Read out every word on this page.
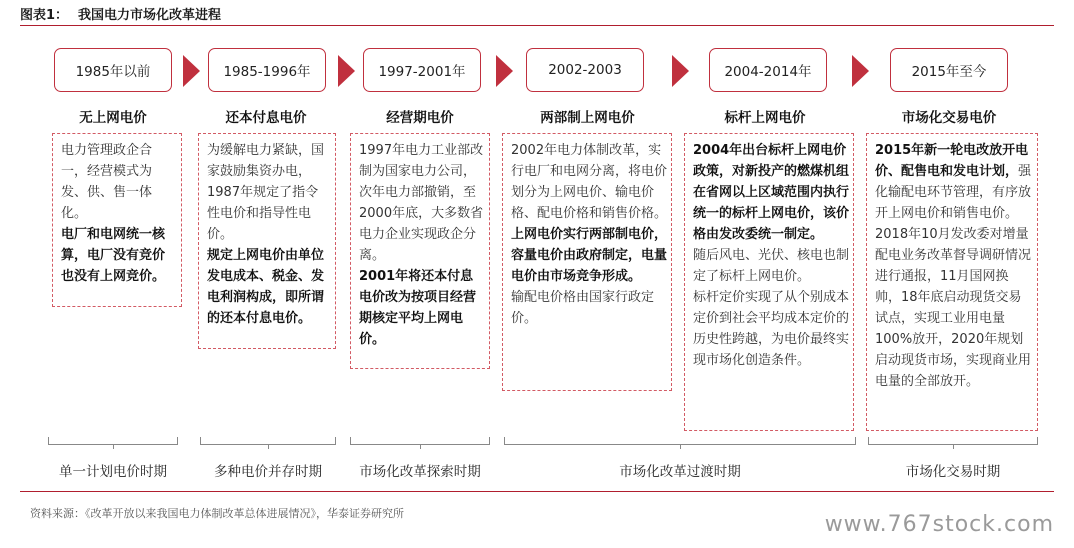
图表1： 我国电力市场化改革进程
1985年以前	1985-1996年	1997-2001年	2002-2003	2004-2014年	2015年至今
无上网电价	还本付息电价	经营期电价	两部制上网电价	标杆上网电价	市场化交易电价

电力管理政企合一，经营模式为发、供、售一体化。

电厂和电网统一核算，电厂没有竞价也没有上网竞价。

为缓解电力紧缺，国家鼓励集资办电，1987年规定了指令性电价和指导性电价。

规定上网电价由单位发电成本、税金、发电利润构成，即所谓的还本付息电价。

1997年电力工业部改制为国家电力公司，次年电力部撤销，至2000年底，大多数省电力企业实现政企分离。

2001年将还本付息电价改为按项目经营期核定平均上网电价。

2002年电力体制改革，实行电厂和电网分离，将电价划分为上网电价、输电价格、配电价格和销售价格。

上网电价实行两部制电价，容量电价由政府制定，电量电价由市场竞争形成。

输配电价格由国家行政定价。

2004年出台标杆上网电价政策，对新投产的燃煤机组在省网以上区域范围内执行统一的标杆上网电价，该价格由发改委统一制定。

随后风电、光伏、核电也制定了标杆上网电价。

标杆定价实现了从个别成本定价到社会平均成本定价的历史性跨越，为电价最终实现市场化创造条件。

2015年新一轮电改放开电价、配售电和发电计划，强化输配电环节管理，有序放开上网电价和销售电价。2018年10月发改委对增量配电业务改革督导调研情况进行通报，11月国网换帅，18年底启动现货交易试点，实现工业用电量100%放开，2020年规划启动现货市场，实现商业用电量的全部放开。

单一计划电价时期	多种电价并存时期	市场化改革探索时期	市场化改革过渡时期	市场化交易时期
资料来源：《改革开放以来我国电力体制改革总体进展情况》，华泰证券研究所	www.767stock.com
